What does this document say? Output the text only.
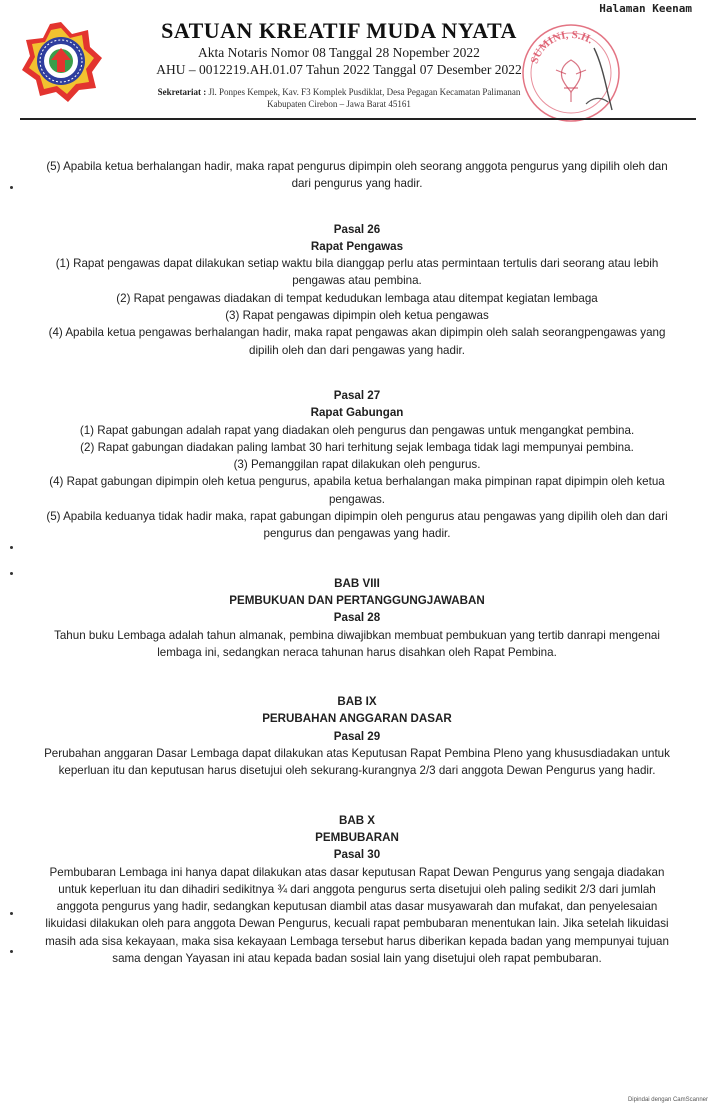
Halaman Keenam
SATUAN KREATIF MUDA NYATA
Akta Notaris Nomor 08 Tanggal 28 Nopember 2022
AHU – 0012219.AH.01.07 Tahun 2022 Tanggal 07 Desember 2022
Sekretariat : Jl. Ponpes Kempek, Kav. F3 Komplek Pusdiklat, Desa Pegagan Kecamatan Palimanan
Kabupaten Cirebon – Jawa Barat 45161
SUMINI, S.H.

(5) Apabila ketua berhalangan hadir, maka rapat pengurus dipimpin oleh seorang anggota pengurus yang dipilih oleh dan dari pengurus yang hadir.

Pasal 26
Rapat Pengawas

(1) Rapat pengawas dapat dilakukan setiap waktu bila dianggap perlu atas permintaan tertulis dari seorang atau lebih pengawas atau pembina.

(2) Rapat pengawas diadakan di tempat kedudukan lembaga atau ditempat kegiatan lembaga

(3) Rapat pengawas dipimpin oleh ketua pengawas

(4) Apabila ketua pengawas berhalangan hadir, maka rapat pengawas akan dipimpin oleh salah seorangpengawas yang dipilih oleh dan dari pengawas yang hadir.

Pasal 27
Rapat Gabungan

(1) Rapat gabungan adalah rapat yang diadakan oleh pengurus dan pengawas untuk mengangkat pembina.

(2) Rapat gabungan diadakan paling lambat 30 hari terhitung sejak lembaga tidak lagi mempunyai pembina.

(3) Pemanggilan rapat dilakukan oleh pengurus.

(4) Rapat gabungan dipimpin oleh ketua pengurus, apabila ketua berhalangan maka pimpinan rapat dipimpin oleh ketua pengawas.

(5) Apabila keduanya tidak hadir maka, rapat gabungan dipimpin oleh pengurus atau pengawas yang dipilih oleh dan dari pengurus dan pengawas yang hadir.

BAB VIII
PEMBUKUAN DAN PERTANGGUNGJAWABAN
Pasal 28

Tahun buku Lembaga adalah tahun almanak, pembina diwajibkan membuat pembukuan yang tertib danrapi mengenai lembaga ini, sedangkan neraca tahunan harus disahkan oleh Rapat Pembina.

BAB IX
PERUBAHAN ANGGARAN DASAR
Pasal 29

Perubahan anggaran Dasar Lembaga dapat dilakukan atas Keputusan Rapat Pembina Pleno yang khususdiadakan untuk keperluan itu dan keputusan harus disetujui oleh sekurang-kurangnya 2/3 dari anggota Dewan Pengurus yang hadir.

BAB X
PEMBUBARAN
Pasal 30

Pembubaran Lembaga ini hanya dapat dilakukan atas dasar keputusan Rapat Dewan Pengurus yang sengaja diadakan untuk keperluan itu dan dihadiri sedikitnya ¾ dari anggota pengurus serta disetujui oleh paling sedikit 2/3 dari jumlah anggota pengurus yang hadir, sedangkan keputusan diambil atas dasar musyawarah dan mufakat, dan penyelesaian likuidasi dilakukan oleh para anggota Dewan Pengurus, kecuali rapat pembubaran menentukan lain. Jika setelah likuidasi masih ada sisa kekayaan, maka sisa kekayaan Lembaga tersebut harus diberikan kepada badan yang mempunyai tujuan sama dengan Yayasan ini atau kepada badan sosial lain yang disetujui oleh rapat pembubaran.

Dipindai dengan CamScanner
